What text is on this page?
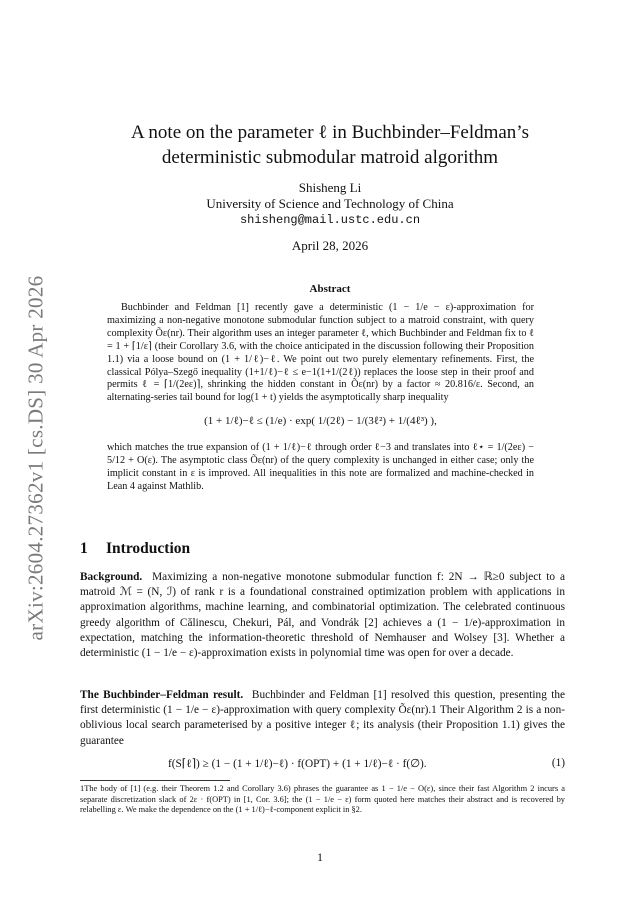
arXiv:2604.27362v1 [cs.DS] 30 Apr 2026
A note on the parameter ℓ in Buchbinder–Feldman’s deterministic submodular matroid algorithm
Shisheng Li
University of Science and Technology of China
shisheng@mail.ustc.edu.cn
April 28, 2026
Abstract

Buchbinder and Feldman [1] recently gave a deterministic (1 − 1/e − ε)-approximation for maximizing a non-negative monotone submodular function subject to a matroid constraint, with query complexity Õε(nr). Their algorithm uses an integer parameter ℓ, which Buchbinder and Feldman fix to ℓ = 1 + ⌈1/ε⌉ (their Corollary 3.6, with the choice anticipated in the discussion following their Proposition 1.1) via a loose bound on (1 + 1/ℓ)−ℓ. We point out two purely elementary refinements. First, the classical Pólya–Szegő inequality (1+1/ℓ)−ℓ ≤ e−1(1+1/(2ℓ)) replaces the loose step in their proof and permits ℓ = ⌈1/(2eε)⌉, shrinking the hidden constant in Õε(nr) by a factor ≈ 20.816/ε. Second, an alternating-series tail bound for log(1 + t) yields the asymptotically sharp inequality

(1 + 1/ℓ)−ℓ ≤ (1/e) · exp( 1/(2ℓ) − 1/(3ℓ²) + 1/(4ℓ³) ),

which matches the true expansion of (1 + 1/ℓ)−ℓ through order ℓ−3 and translates into ℓ⋆ = 1/(2eε) − 5/12 + O(ε). The asymptotic class Õε(nr) of the query complexity is unchanged in either case; only the implicit constant in ε is improved. All inequalities in this note are formalized and machine-checked in Lean 4 against Mathlib.

1 Introduction

Background. Maximizing a non-negative monotone submodular function f: 2N → ℝ≥0 subject to a matroid ℳ = (N, ℐ) of rank r is a foundational constrained optimization problem with applications in approximation algorithms, machine learning, and combinatorial optimization. The celebrated continuous greedy algorithm of Călinescu, Chekuri, Pál, and Vondrák [2] achieves a (1 − 1/e)-approximation in expectation, matching the information-theoretic threshold of Nemhauser and Wolsey [3]. Whether a deterministic (1 − 1/e − ε)-approximation exists in polynomial time was open for over a decade.

The Buchbinder–Feldman result. Buchbinder and Feldman [1] resolved this question, presenting the first deterministic (1 − 1/e − ε)-approximation with query complexity Õε(nr).1 Their Algorithm 2 is a non-oblivious local search parameterised by a positive integer ℓ; its analysis (their Proposition 1.1) gives the guarantee

f(S⌈ℓ⌉) ≥ (1 − (1 + 1/ℓ)−ℓ) · f(OPT) + (1 + 1/ℓ)−ℓ · f(∅).	(1)
1The body of [1] (e.g. their Theorem 1.2 and Corollary 3.6) phrases the guarantee as 1 − 1/e − O(ε), since their fast Algorithm 2 incurs a separate discretization slack of 2ε · f(OPT) in [1, Cor. 3.6]; the (1 − 1/e − ε) form quoted here matches their abstract and is recovered by relabelling ε. We make the dependence on the (1 + 1/ℓ)−ℓ-component explicit in §2.
1
